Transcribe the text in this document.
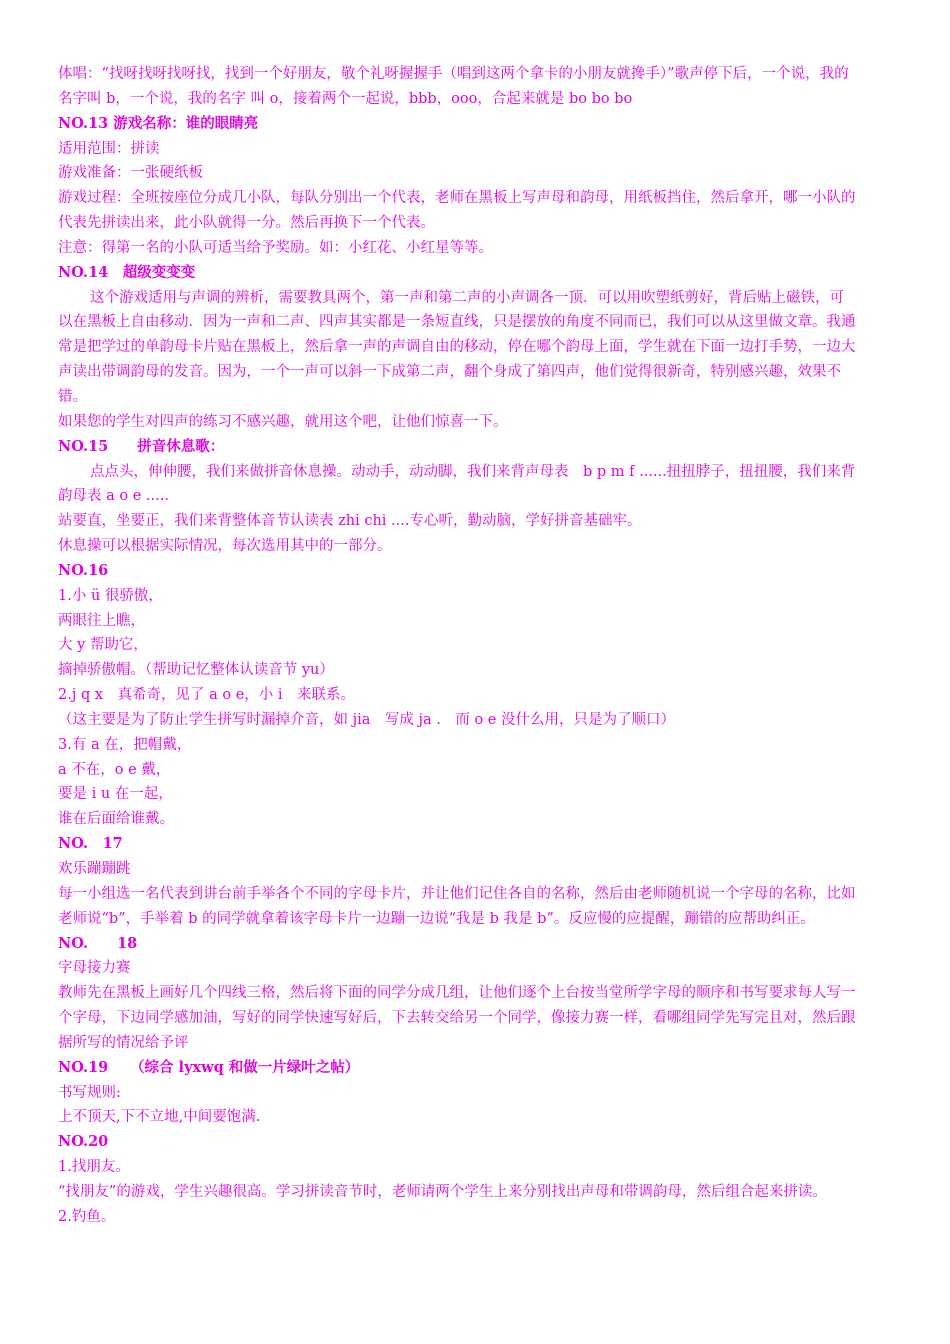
体唱：“找呀找呀找呀找，找到一个好朋友，敬个礼呀握握手（唱到这两个拿卡的小朋友就搀手）”歌声停下后，一个说，我的名字叫 b，一个说，我的名字 叫 o，接着两个一起说，bbb，ooo，合起来就是 bo bo bo

NO.13 游戏名称：谁的眼睛亮

适用范围：拼读

游戏准备：一张硬纸板

游戏过程：全班按座位分成几小队，每队分别出一个代表，老师在黑板上写声母和韵母，用纸板挡住，然后拿开，哪一小队的代表先拼读出来，此小队就得一分。然后再换下一个代表。

注意：得第一名的小队可适当给予奖励。如：小红花、小红星等等。

NO.14　超级变变变

这个游戏适用与声调的辨析，需要教具两个，第一声和第二声的小声调各一顶．可以用吹塑纸剪好，背后贴上磁铁，可以在黑板上自由移动．因为一声和二声、四声其实都是一条短直线，只是摆放的角度不同而已，我们可以从这里做文章。我通常是把学过的单韵母卡片贴在黑板上，然后拿一声的声调自由的移动，停在哪个韵母上面，学生就在下面一边打手势，一边大声读出带调韵母的发音。因为，一个一声可以斜一下成第二声，翻个身成了第四声，他们觉得很新奇，特别感兴趣，效果不错。

如果您的学生对四声的练习不感兴趣，就用这个吧，让他们惊喜一下。

NO.15　　拼音休息歌：

点点头，伸伸腰，我们来做拼音休息操。动动手，动动脚，我们来背声母表　b p m f ......扭扭脖子，扭扭腰，我们来背韵母表 a o e .....

站要直，坐要正，我们来背整体音节认读表 zhi chi ....专心听，勤动脑，学好拼音基础牢。

休息操可以根据实际情况，每次选用其中的一部分。

NO.16

1.小 ü 很骄傲，

两眼往上瞧，

大 y 帮助它，

摘掉骄傲帽。（帮助记忆整体认读音节 yu）

2.j q x　真希奇，见了 a o e，小 i　来联系。

（这主要是为了防止学生拼写时漏掉介音，如 jia　写成 ja .　而 o e 没什么用，只是为了顺口）

3.有 a 在，把帽戴，

a 不在，o e 戴，

要是 i u 在一起，

谁在后面给谁戴。

NO.　17

欢乐蹦蹦跳

每一小组选一名代表到讲台前手举各个不同的字母卡片，并让他们记住各自的名称，然后由老师随机说一个字母的名称，比如老师说“b”，手举着 b 的同学就拿着该字母卡片一边蹦一边说“我是 b 我是 b”。反应慢的应提醒，蹦错的应帮助纠正。

NO.　　18

字母接力赛

教师先在黑板上画好几个四线三格，然后将下面的同学分成几组，让他们逐个上台按当堂所学字母的顺序和书写要求每人写一个字母，下边同学感加油，写好的同学快速写好后，下去转交给另一个同学，像接力赛一样，看哪组同学先写完且对，然后跟据所写的情况给予评

NO.19　　（综合 lyxwq 和做一片绿叶之帖）

书写规则:

上不顶天,下不立地,中间要饱满.

NO.20

1.找朋友。

“找朋友”的游戏，学生兴趣很高。学习拼读音节时，老师请两个学生上来分别找出声母和带调韵母，然后组合起来拼读。

2.钓鱼。
